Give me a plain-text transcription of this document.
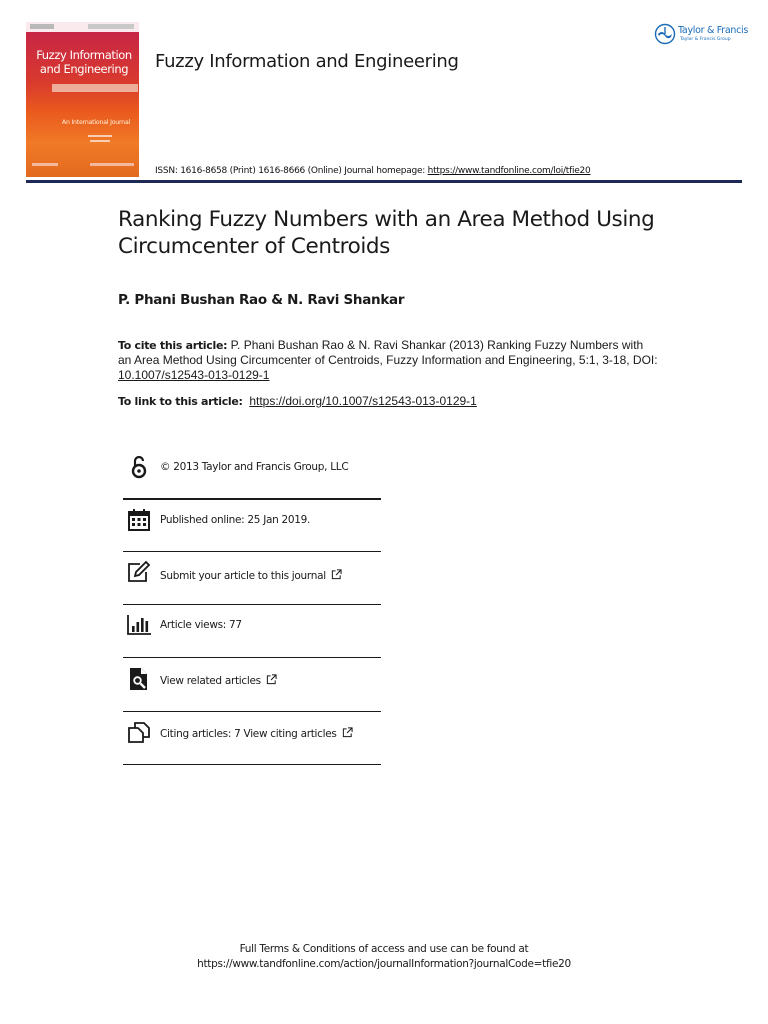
Fuzzy Information
and Engineering
An International Journal
Fuzzy Information and Engineering
Taylor & Francis
Taylor & Francis Group
ISSN: 1616-8658 (Print) 1616-8666 (Online) Journal homepage: https://www.tandfonline.com/loi/tfie20
Ranking Fuzzy Numbers with an Area Method Using Circumcenter of Centroids
P. Phani Bushan Rao & N. Ravi Shankar
To cite this article: P. Phani Bushan Rao & N. Ravi Shankar (2013) Ranking Fuzzy Numbers with an Area Method Using Circumcenter of Centroids, Fuzzy Information and Engineering, 5:1, 3-18, DOI: 10.1007/s12543-013-0129-1
To link to this article: https://doi.org/10.1007/s12543-013-0129-1
© 2013 Taylor and Francis Group, LLC
Published online: 25 Jan 2019.
Submit your article to this journal
Article views: 77
View related articles
Citing articles: 7 View citing articles
Full Terms & Conditions of access and use can be found at
https://www.tandfonline.com/action/journalInformation?journalCode=tfie20
